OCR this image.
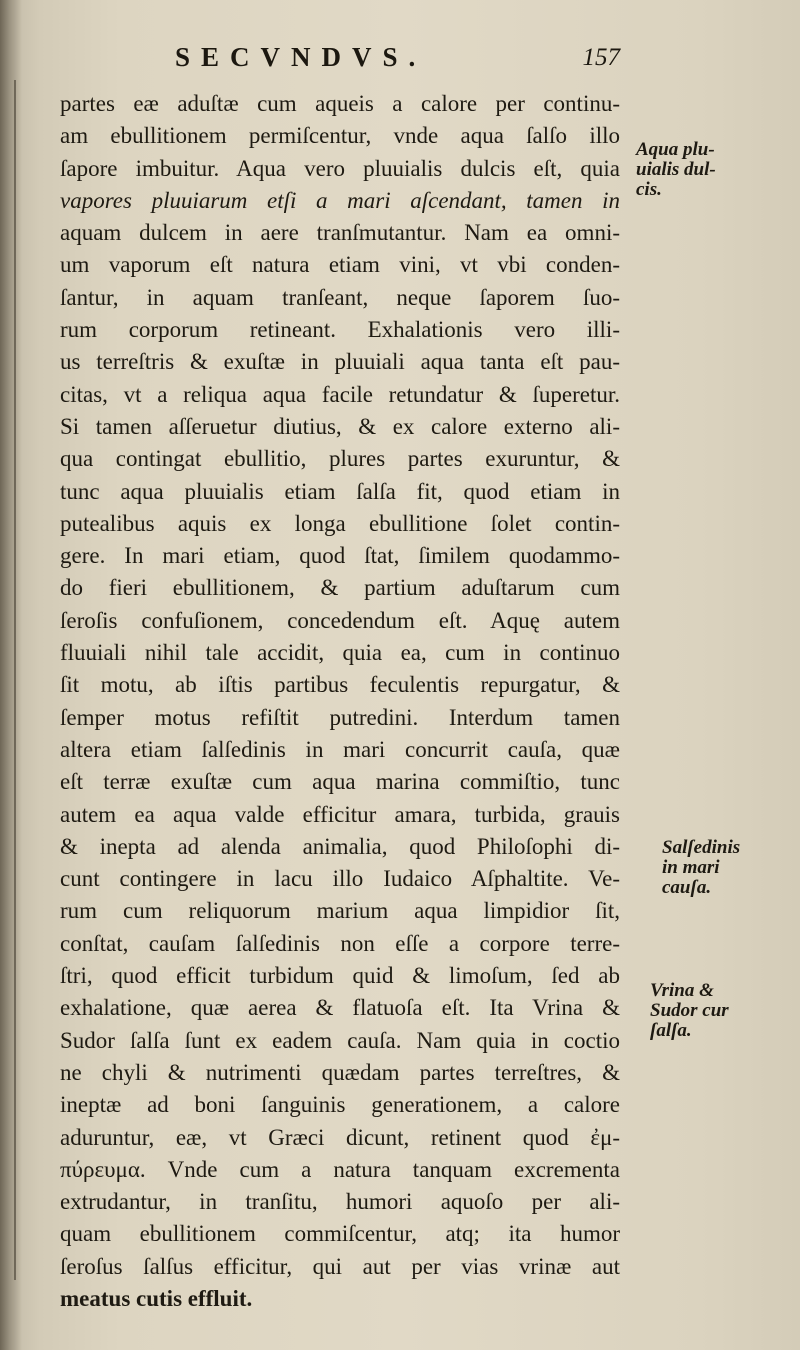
SECVNDVS.	157
partes eæ aduſtæ cum aqueis a calore per continu-
am ebullitionem permiſcentur, vnde aqua ſalſo illo
ſapore imbuitur. Aqua vero pluuialis dulcis eſt, quia
vapores pluuiarum etſi a mari aſcendant, tamen in
aquam dulcem in aere tranſmutantur. Nam ea omni-
um vaporum eſt natura etiam vini, vt vbi conden-
ſantur, in aquam tranſeant, neque ſaporem ſuo-
rum corporum retineant. Exhalationis vero illi-
us terreſtris & exuſtæ in pluuiali aqua tanta eſt pau-
citas, vt a reliqua aqua facile retundatur & ſuperetur.
Si tamen aſſeruetur diutius, & ex calore externo ali-
qua contingat ebullitio, plures partes exuruntur, &
tunc aqua pluuialis etiam ſalſa fit, quod etiam in
putealibus aquis ex longa ebullitione ſolet contin-
gere. In mari etiam, quod ſtat, ſimilem quodammo-
do fieri ebullitionem, & partium aduſtarum cum
ſeroſis confuſionem, concedendum eſt. Aquę autem
fluuiali nihil tale accidit, quia ea, cum in continuo
ſit motu, ab iſtis partibus feculentis repurgatur, &
ſemper motus refiſtit putredini. Interdum tamen
altera etiam ſalſedinis in mari concurrit cauſa, quæ
eſt terræ exuſtæ cum aqua marina commiſtio, tunc
autem ea aqua valde efficitur amara, turbida, grauis
& inepta ad alenda animalia, quod Philoſophi di-
cunt contingere in lacu illo Iudaico Aſphaltite. Ve-
rum cum reliquorum marium aqua limpidior ſit,
conſtat, cauſam ſalſedinis non eſſe a corpore terre-
ſtri, quod efficit turbidum quid & limoſum, ſed ab
exhalatione, quæ aerea & flatuoſa eſt. Ita Vrina &
Sudor ſalſa ſunt ex eadem cauſa. Nam quia in coctio
ne chyli & nutrimenti quædam partes terreſtres, &
ineptæ ad boni ſanguinis generationem, a calore
aduruntur, eæ, vt Græci dicunt, retinent quod ἐμ-
πύρευμα. Vnde cum a natura tanquam excrementa
extrudantur, in tranſitu, humori aquoſo per ali-
quam ebullitionem commiſcentur, atq; ita humor
ſeroſus ſalſus efficitur, qui aut per vias vrinæ aut
meatus cutis effluit.
Aqua plu-
uialis dul-
cis.
Salſedinis
in mari
cauſa.
Vrina &
Sudor cur
ſalſa.
